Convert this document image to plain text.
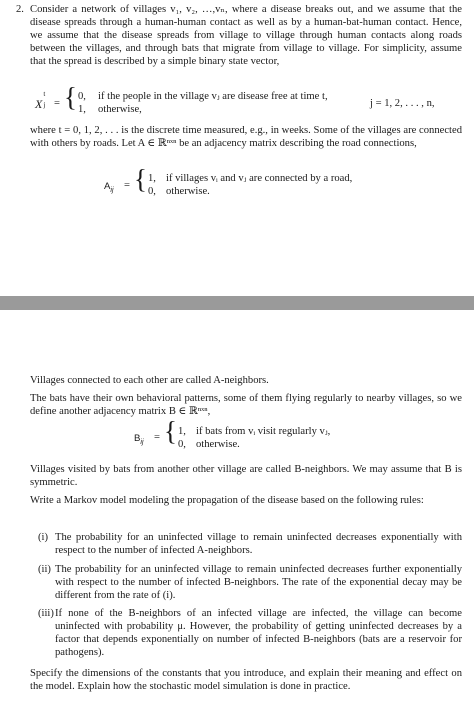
2. Consider a network of villages v₁, v₂, …,vₙ, where a disease breaks out, and we assume that the disease spreads through a human-human contact as well as by a human-bat-human contact. Hence, we assume that the disease spreads from village to village through human contacts along roads between the villages, and through bats that migrate from village to village. For simplicity, assume that the spread is described by a simple binary state vector,
X
t
j = { 0, if the people in the village vⱼ are disease free at time t,
1, otherwise,
j = 1, 2, . . . , n,
where t = 0, 1, 2, . . . is the discrete time measured, e.g., in weeks. Some of the villages are connected with others by roads. Let A ∈ ℝⁿˣⁿ be an adjacency matrix describing the road connections,
$A_{ij}$ = { 1, if villages vᵢ and vⱼ are connected by a road,
0, otherwise.
Villages connected to each other are called A-neighbors.
The bats have their own behavioral patterns, some of them flying regularly to nearby villages, so we define another adjacency matrix B ∈ ℝⁿˣⁿ,
$B_{ij}$ = { 1, if bats from vᵢ visit regularly vⱼ,
0, otherwise.
Villages visited by bats from another other village are called B-neighbors. We may assume that B is symmetric.
Write a Markov model modeling the propagation of the disease based on the following rules:
(i) The probability for an uninfected village to remain uninfected decreases exponentially with respect to the number of infected A-neighbors.
(ii) The probability for an uninfected village to remain uninfected decreases further exponentially with respect to the number of infected B-neighbors. The rate of the exponential decay may be different from the rate of (i).
(iii) If none of the B-neighbors of an infected village are infected, the village can become uninfected with probability μ. However, the probability of getting uninfected decreases by a factor that depends exponentially on number of infected B-neighbors (bats are a reservoir for pathogens).
Specify the dimensions of the constants that you introduce, and explain their meaning and effect on the model. Explain how the stochastic model simulation is done in practice.
